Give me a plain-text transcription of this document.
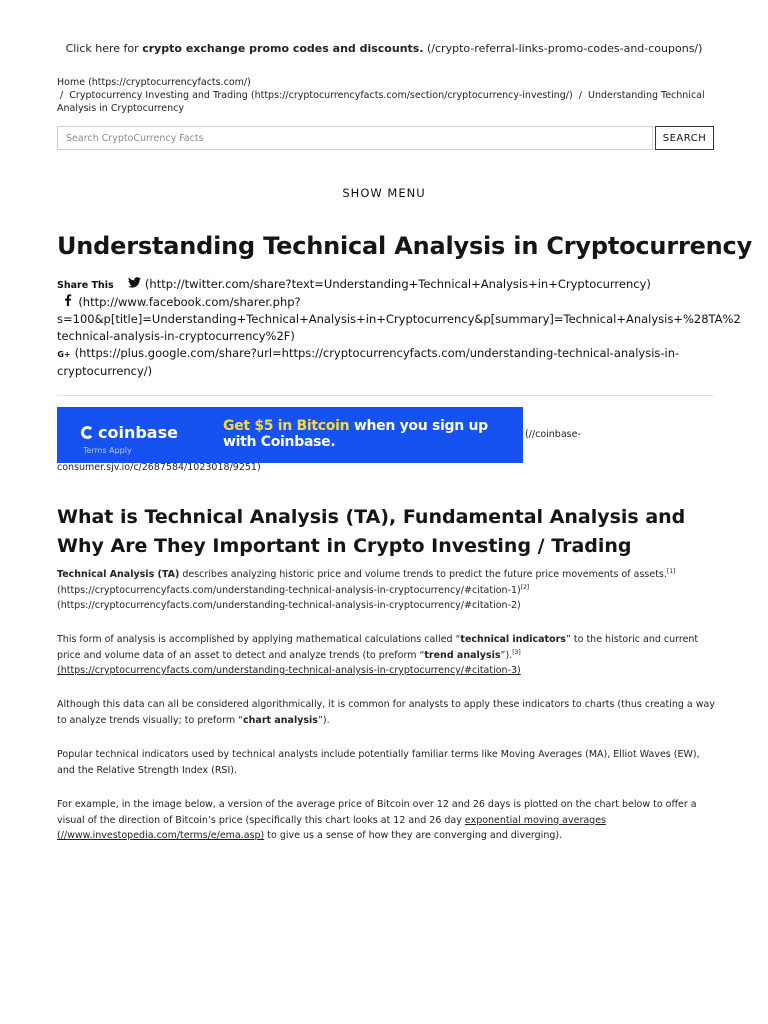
Click here for crypto exchange promo codes and discounts. (/crypto-referral-links-promo-codes-and-coupons/)
Home (https://cryptocurrencyfacts.com/)
/ Cryptocurrency Investing and Trading (https://cryptocurrencyfacts.com/section/cryptocurrency-investing/) / Understanding Technical Analysis in Cryptocurrency
Search CryptoCurrency Facts
SEARCH
SHOW MENU
Understanding Technical Analysis in Cryptocurrency
Share This	(http://twitter.com/share?text=Understanding+Technical+Analysis+in+Cryptocurrency)
(http://www.facebook.com/sharer.php?
s=100&p[title]=Understanding+Technical+Analysis+in+Cryptocurrency&p[summary]=Technical+Analysis+%28TA%2
technical-analysis-in-cryptocurrency%2F)
G+ (https://plus.google.com/share?url=https://cryptocurrencyfacts.com/understanding-technical-analysis-in-
cryptocurrency/)
coinbase
Terms Apply
Get $5 in Bitcoin when you sign up with Coinbase.	(//coinbase-
consumer.sjv.io/c/2687584/1023018/9251)
What is Technical Analysis (TA), Fundamental Analysis and Why Are They Important in Crypto Investing / Trading

Technical Analysis (TA) describes analyzing historic price and volume trends to predict the future price movements of assets.[1]
(https://cryptocurrencyfacts.com/understanding-technical-analysis-in-cryptocurrency/#citation-1)[2]
(https://cryptocurrencyfacts.com/understanding-technical-analysis-in-cryptocurrency/#citation-2)

This form of analysis is accomplished by applying mathematical calculations called “technical indicators” to the historic and current price and volume data of an asset to detect and analyze trends (to preform “trend analysis”).[3] (https://cryptocurrencyfacts.com/understanding-technical-analysis-in-cryptocurrency/#citation-3)

Although this data can all be considered algorithmically, it is common for analysts to apply these indicators to charts (thus creating a way to analyze trends visually; to preform “chart analysis”).

Popular technical indicators used by technical analysts include potentially familiar terms like Moving Averages (MA), Elliot Waves (EW), and the Relative Strength Index (RSI).

For example, in the image below, a version of the average price of Bitcoin over 12 and 26 days is plotted on the chart below to offer a visual of the direction of Bitcoin’s price (specifically this chart looks at 12 and 26 day exponential moving averages (//www.investopedia.com/terms/e/ema.asp) to give us a sense of how they are converging and diverging).
